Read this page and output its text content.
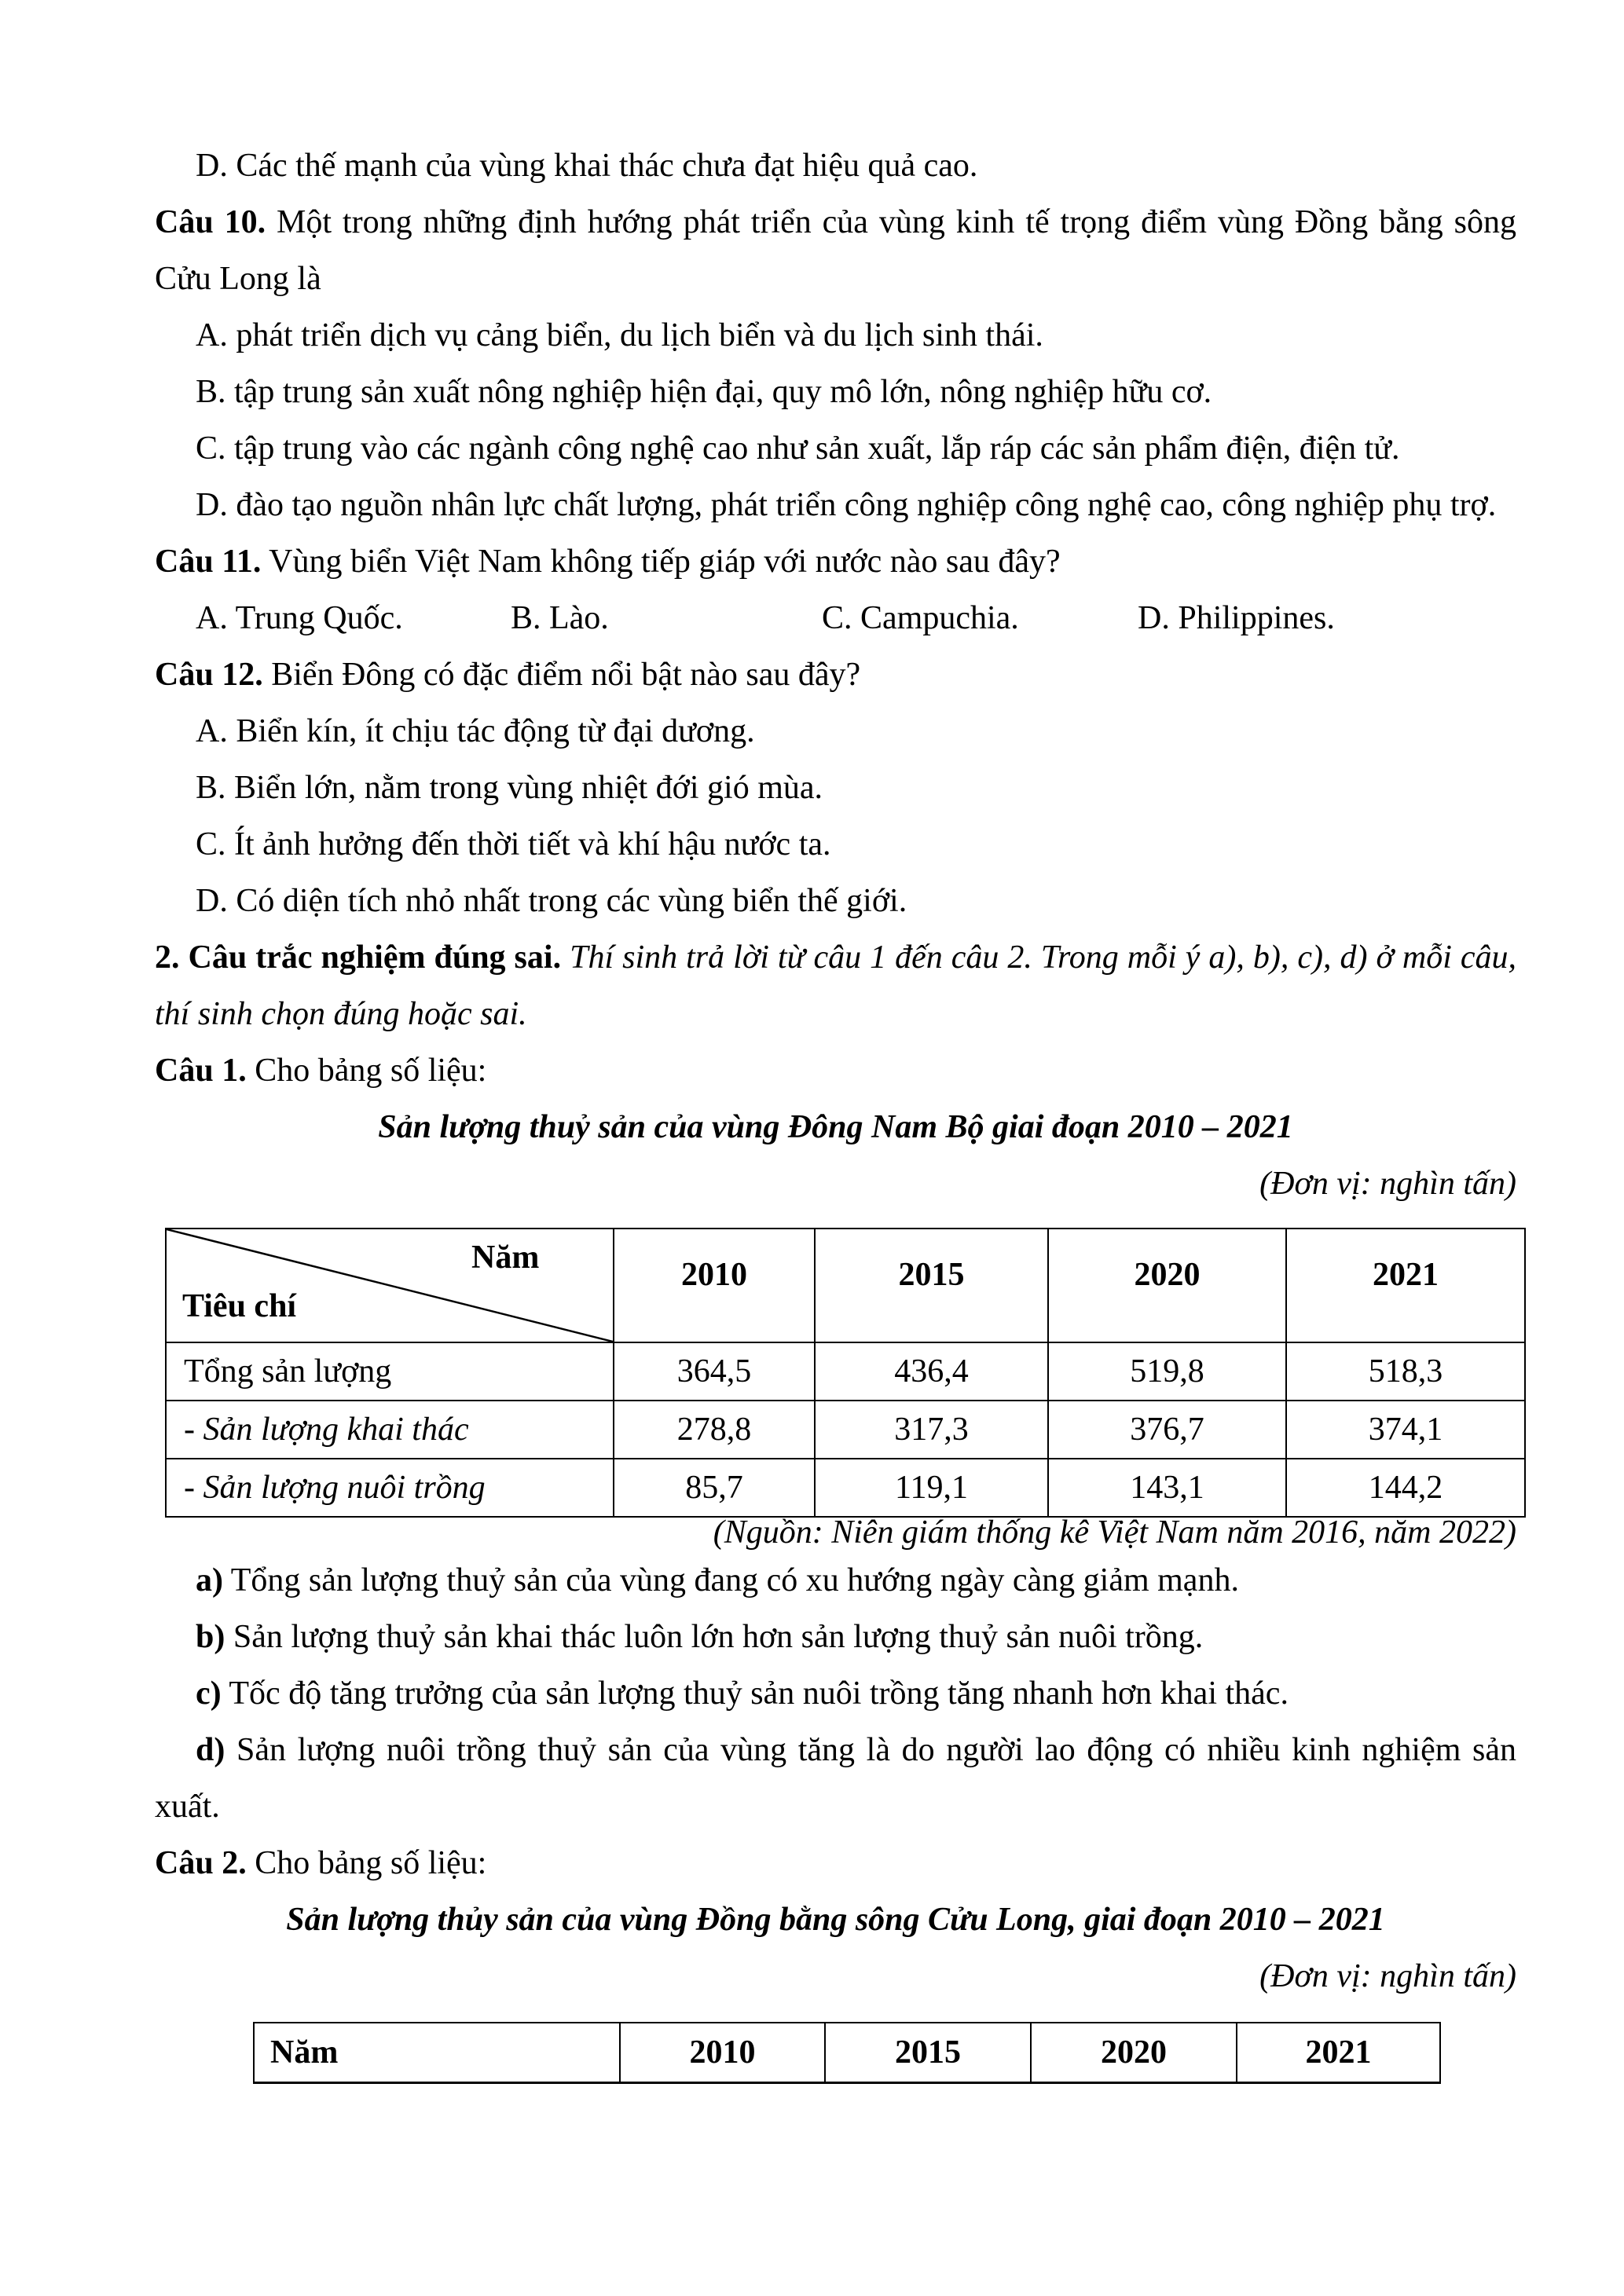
D. Các thế mạnh của vùng khai thác chưa đạt hiệu quả cao.
Câu 10. Một trong những định hướng phát triển của vùng kinh tế trọng điểm vùng Đồng bằng sông Cửu Long là
A. phát triển dịch vụ cảng biển, du lịch biển và du lịch sinh thái.
B. tập trung sản xuất nông nghiệp hiện đại, quy mô lớn, nông nghiệp hữu cơ.
C. tập trung vào các ngành công nghệ cao như sản xuất, lắp ráp các sản phẩm điện, điện tử.
D. đào tạo nguồn nhân lực chất lượng, phát triển công nghiệp công nghệ cao, công nghiệp phụ trợ.
Câu 11. Vùng biển Việt Nam không tiếp giáp với nước nào sau đây?
A. Trung Quốc.	B. Lào.	C. Campuchia.	D. Philippines.
Câu 12. Biển Đông có đặc điểm nổi bật nào sau đây?
A. Biển kín, ít chịu tác động từ đại dương.
B. Biển lớn, nằm trong vùng nhiệt đới gió mùa.
C. Ít ảnh hưởng đến thời tiết và khí hậu nước ta.
D. Có diện tích nhỏ nhất trong các vùng biển thế giới.
2. Câu trắc nghiệm đúng sai. Thí sinh trả lời từ câu 1 đến câu 2. Trong mỗi ý a), b), c), d) ở mỗi câu, thí sinh chọn đúng hoặc sai.
Câu 1. Cho bảng số liệu:
Sản lượng thuỷ sản của vùng Đông Nam Bộ giai đoạn 2010 – 2021
(Đơn vị: nghìn tấn)
Năm
Tiêu chí	2010	2015	2020	2021
Tổng sản lượng	364,5	436,4	519,8	518,3
- Sản lượng khai thác	278,8	317,3	376,7	374,1
- Sản lượng nuôi trồng	85,7	119,1	143,1	144,2
(Nguồn: Niên giám thống kê Việt Nam năm 2016, năm 2022)
a) Tổng sản lượng thuỷ sản của vùng đang có xu hướng ngày càng giảm mạnh.
b) Sản lượng thuỷ sản khai thác luôn lớn hơn sản lượng thuỷ sản nuôi trồng.
c) Tốc độ tăng trưởng của sản lượng thuỷ sản nuôi trồng tăng nhanh hơn khai thác.
d) Sản lượng nuôi trồng thuỷ sản của vùng tăng là do người lao động có nhiều kinh nghiệm sản xuất.
Câu 2. Cho bảng số liệu:
Sản lượng thủy sản của vùng Đồng bằng sông Cửu Long, giai đoạn 2010 – 2021
(Đơn vị: nghìn tấn)
Năm	2010	2015	2020	2021
